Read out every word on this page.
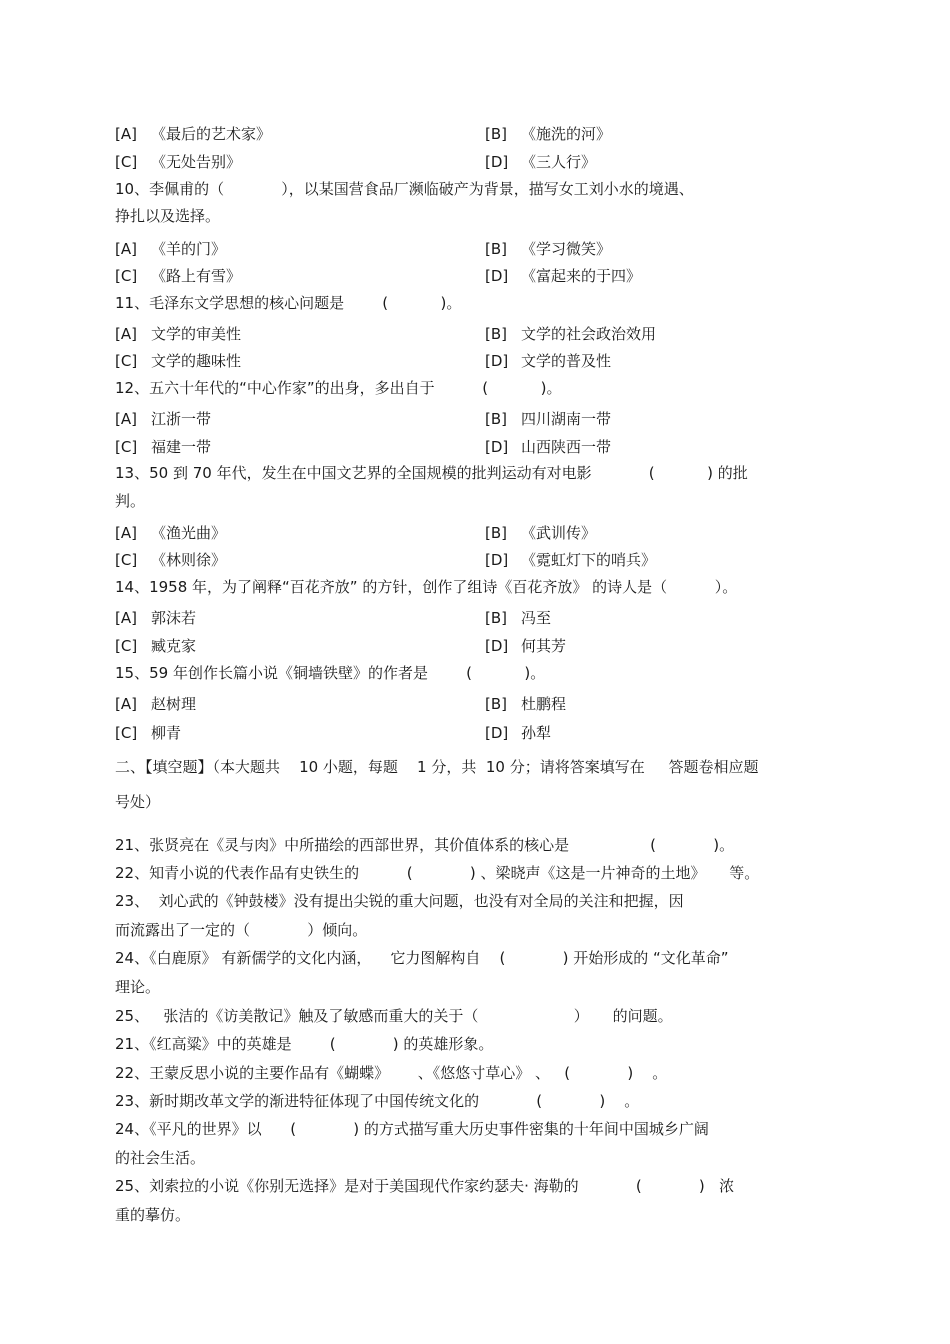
[A] 《最后的艺术家》	[B] 《施洗的河》
[C] 《无处告别》	[D] 《三人行》
10、李佩甫的（            ），以某国营食品厂濒临破产为背景，描写女工刘小水的境遇、
挣扎以及选择。
[A] 《羊的门》	[B] 《学习微笑》
[C] 《路上有雪》	[D] 《富起来的于四》
11、毛泽东文学思想的核心问题是        (           )。
[A] 文学的审美性	[B] 文学的社会政治效用
[C] 文学的趣味性	[D] 文学的普及性
12、五六十年代的“中心作家”的出身，多出自于          (           )。
[A] 江浙一带	[B] 四川湖南一带
[C] 福建一带	[D] 山西陕西一带
13、50 到 70 年代，发生在中国文艺界的全国规模的批判运动有对电影            (           ) 的批
判。
[A] 《渔光曲》	[B] 《武训传》
[C] 《林则徐》	[D] 《霓虹灯下的哨兵》
14、1958 年，为了阐释“百花齐放” 的方针，创作了组诗《百花齐放》 的诗人是（          ）。
[A] 郭沫若	[B] 冯至
[C] 臧克家	[D] 何其芳
15、59 年创作长篇小说《铜墙铁壁》的作者是        (           )。
[A] 赵树理	[B] 杜鹏程
[C] 柳青	[D] 孙犁
二、【填空题】（本大题共    10 小题，每题    1 分，共  10 分；请将答案填写在     答题卷相应题
号处）
21、张贤亮在《灵与肉》中所描绘的西部世界，其价值体系的核心是                 (            )。
22、知青小说的代表作品有史铁生的          (            ) 、梁晓声《这是一片神奇的土地》     等。
23、  刘心武的《钟鼓楼》没有提出尖锐的重大问题，也没有对全局的关注和把握，因
而流露出了一定的（            ）倾向。
24、《白鹿原》 有新儒学的文化内涵，    它力图解构自    (            ) 开始形成的 “文化革命”
理论。
25、   张洁的《访美散记》触及了敏感而重大的关于（                    ）     的问题。
21、《红高粱》中的英雄是        (            ) 的英雄形象。
22、王蒙反思小说的主要作品有《蝴蝶》      、《悠悠寸草心》 、   (            )    。
23、新时期改革文学的渐进特征体现了中国传统文化的            (            )    。
24、《平凡的世界》以      (            ) 的方式描写重大历史事件密集的十年间中国城乡广阔
的社会生活。
25、刘索拉的小说《你别无选择》是对于美国现代作家约瑟夫· 海勒的            (            )   浓
重的摹仿。
